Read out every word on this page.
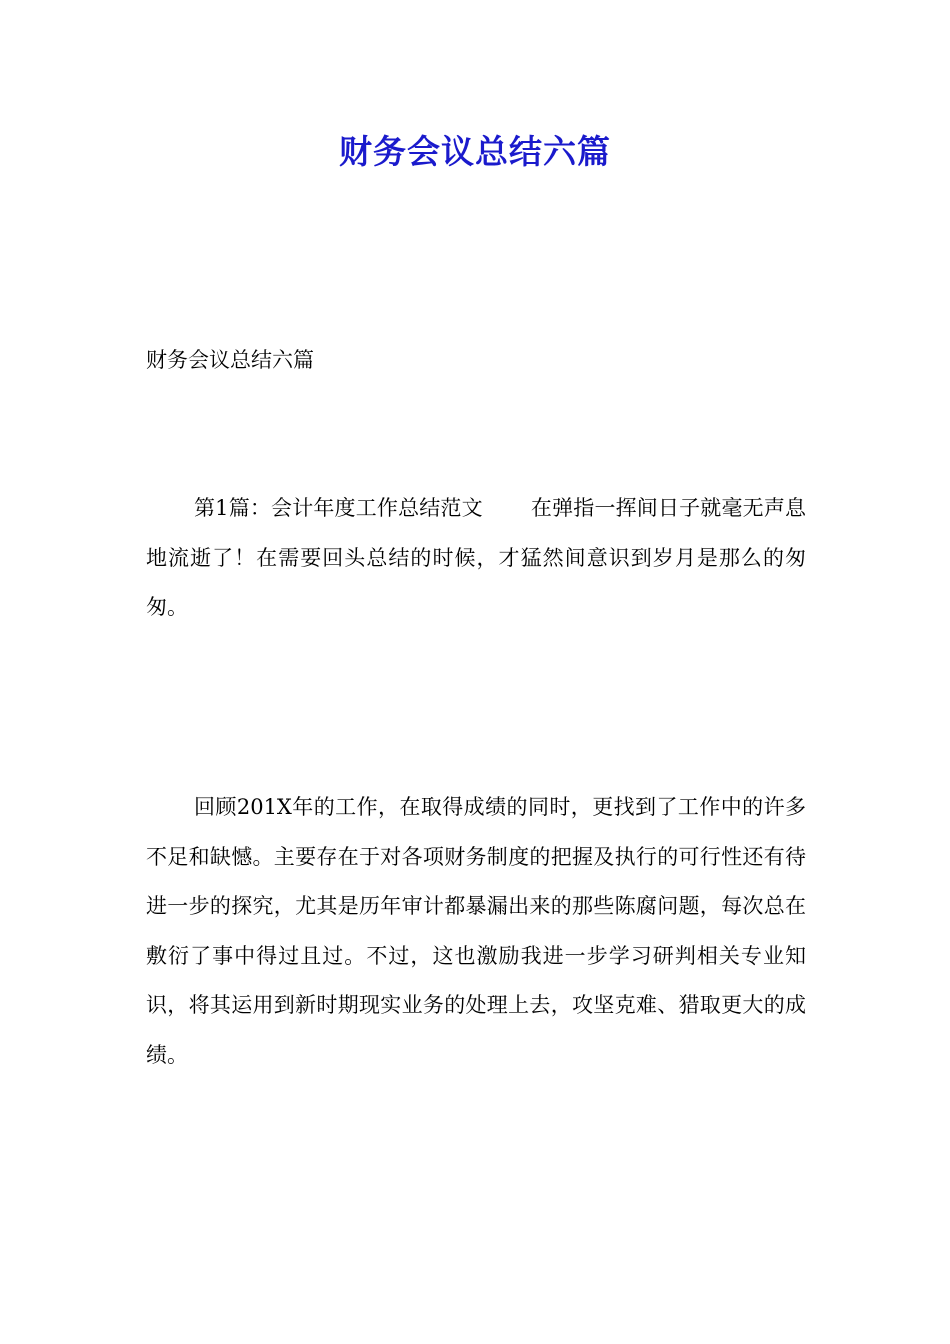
财务会议总结六篇

财务会议总结六篇

第1篇：会计年度工作总结范文 在弹指一挥间日子就毫无声息地流逝了！在需要回头总结的时候，才猛然间意识到岁月是那么的匆匆。

回顾201X年的工作，在取得成绩的同时，更找到了工作中的许多不足和缺憾。主要存在于对各项财务制度的把握及执行的可行性还有待进一步的探究，尤其是历年审计都暴漏出来的那些陈腐问题，每次总在敷衍了事中得过且过。不过，这也激励我进一步学习研判相关专业知识，将其运用到新时期现实业务的处理上去，攻坚克难、猎取更大的成绩。
